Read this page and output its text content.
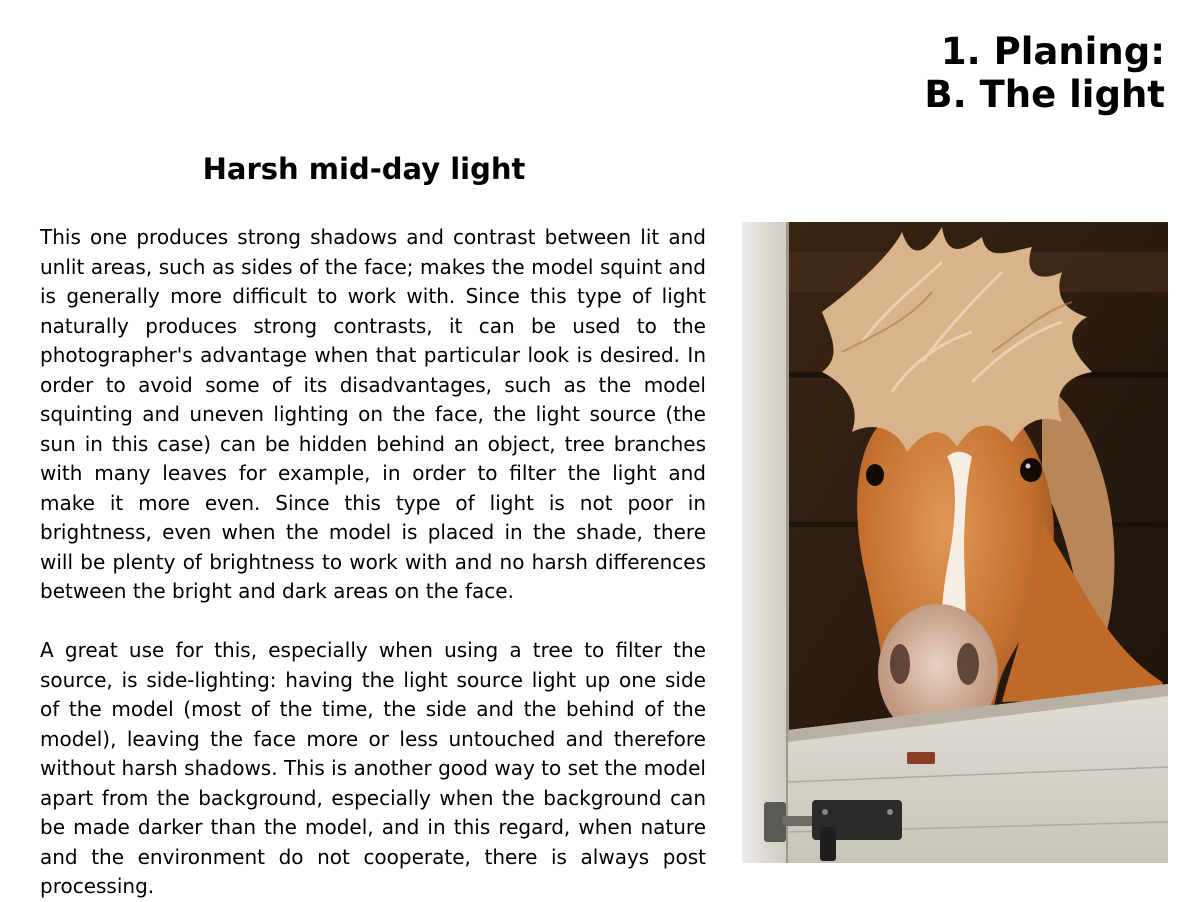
1. Planing:
B. The light
Harsh mid-day light

This one produces strong shadows and contrast between lit and unlit areas, such as sides of the face; makes the model squint and is generally more difficult to work with. Since this type of light naturally produces strong contrasts, it can be used to the photographer's advantage when that particular look is desired. In order to avoid some of its disadvantages, such as the model squinting and uneven lighting on the face, the light source (the sun in this case) can be hidden behind an object, tree branches with many leaves for example, in order to filter the light and make it more even. Since this type of light is not poor in brightness, even when the model is placed in the shade, there will be plenty of brightness to work with and no harsh differences between the bright and dark areas on the face.

A great use for this, especially when using a tree to filter the source, is side-lighting: having the light source light up one side of the model (most of the time, the side and the behind of the model), leaving the face more or less untouched and therefore without harsh shadows. This is another good way to set the model apart from the background, especially when the background can be made darker than the model, and in this regard, when nature and the environment do not cooperate, there is always post processing.
